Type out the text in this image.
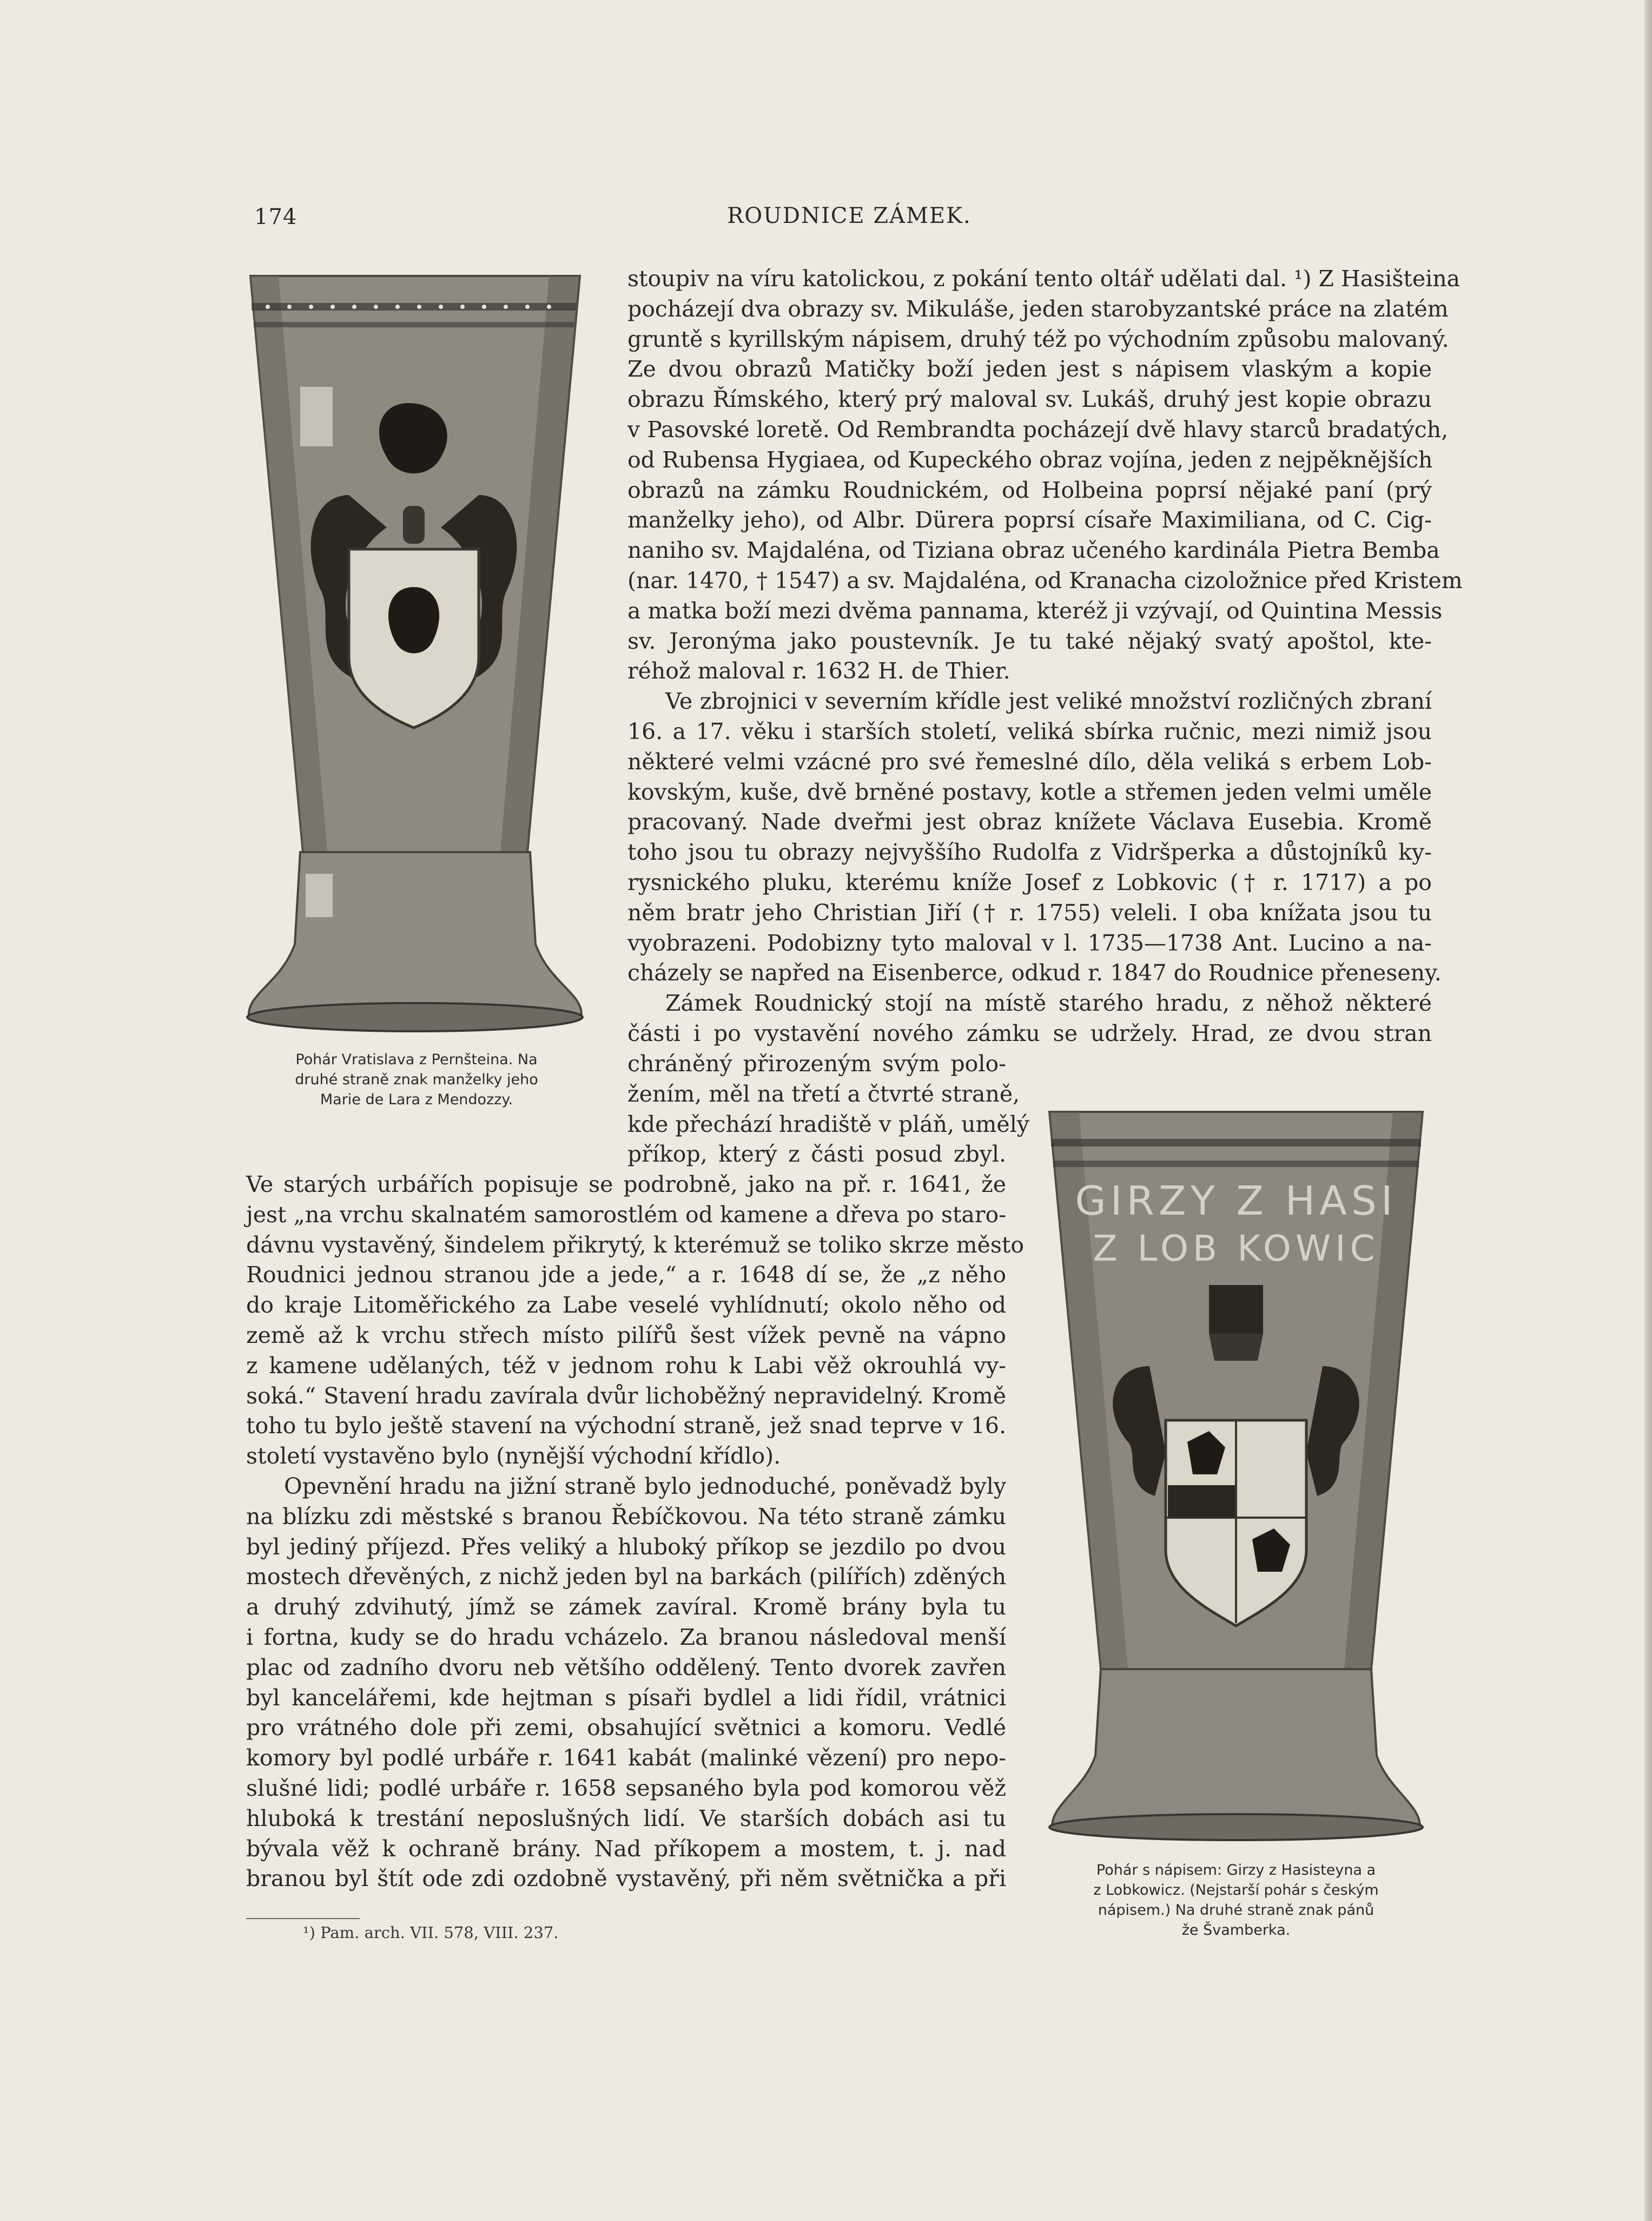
174	ROUDNICE ZÁMEK.
Pohár Vratislava z Pernšteina. Na
druhé straně znak manželky jeho
Marie de Lara z Mendozzy.
GIRZY Z HASI
Z LOB KOWIC
Pohár s nápisem: Girzy z Hasisteyna a
z Lobkowicz. (Nejstarší pohár s českým
nápisem.) Na druhé straně znak pánů
že Švamberka.
stoupiv na víru katolickou, z pokání tento oltář udělati dal. ¹) Z Hasišteina
pocházejí dva obrazy sv. Mikuláše, jeden starobyzantské práce na zlatém
gruntě s kyrillským nápisem, druhý též po východním způsobu malovaný.
Ze dvou obrazů Matičky boží jeden jest s nápisem vlaským a kopie
obrazu Římského, který prý maloval sv. Lukáš, druhý jest kopie obrazu
v Pasovské loretě. Od Rembrandta pocházejí dvě hlavy starců bradatých,
od Rubensa Hygiaea, od Kupeckého obraz vojína, jeden z nejpěknějších
obrazů na zámku Roudnickém, od Holbeina poprsí nějaké paní (prý
manželky jeho), od Albr. Dürera poprsí císaře Maximiliana, od C. Cig-
naniho sv. Majdaléna, od Tiziana obraz učeného kardinála Pietra Bemba
(nar. 1470, † 1547) a sv. Majdaléna, od Kranacha cizoložnice před Kristem
a matka boží mezi dvěma pannama, kteréž ji vzývají, od Quintina Messis
sv. Jeronýma jako poustevník. Je tu také nějaký svatý apoštol, kte-
réhož maloval r. 1632 H. de Thier.
Ve zbrojnici v severním křídle jest veliké množství rozličných zbraní
16. a 17. věku i starších století, veliká sbírka ručnic, mezi nimiž jsou
některé velmi vzácné pro své řemeslné dílo, děla veliká s erbem Lob-
kovským, kuše, dvě brněné postavy, kotle a střemen jeden velmi uměle
pracovaný. Nade dveřmi jest obraz knížete Václava Eusebia. Kromě
toho jsou tu obrazy nejvyššího Rudolfa z Vidršperka a důstojníků ky-
rysnického pluku, kterému kníže Josef z Lobkovic († r. 1717) a po
něm bratr jeho Christian Jiří († r. 1755) veleli. I oba knížata jsou tu
vyobrazeni. Podobizny tyto maloval v l. 1735—1738 Ant. Lucino a na-
cházely se napřed na Eisenberce, odkud r. 1847 do Roudnice přeneseny.
Zámek Roudnický stojí na místě starého hradu, z něhož některé
části i po vystavění nového zámku se udržely. Hrad, ze dvou stran
chráněný přirozeným svým polo-
žením, měl na třetí a čtvrté straně,
kde přechází hradiště v pláň, umělý
příkop, který z části posud zbyl.
Ve starých urbářích popisuje se podrobně, jako na př. r. 1641, že
jest „na vrchu skalnatém samorostlém od kamene a dřeva po staro-
dávnu vystavěný, šindelem přikrytý, k kterémuž se toliko skrze město
Roudnici jednou stranou jde a jede,“ a r. 1648 dí se, že „z něho
do kraje Litoměřického za Labe veselé vyhlídnutí; okolo něho od
země až k vrchu střech místo pilířů šest vížek pevně na vápno
z kamene udělaných, též v jednom rohu k Labi věž okrouhlá vy-
soká.“ Stavení hradu zavírala dvůr lichoběžný nepravidelný. Kromě
toho tu bylo ještě stavení na východní straně, jež snad teprve v 16.
století vystavěno bylo (nynější východní křídlo).
Opevnění hradu na jižní straně bylo jednoduché, poněvadž byly
na blízku zdi městské s branou Řebíčkovou. Na této straně zámku
byl jediný příjezd. Přes veliký a hluboký příkop se jezdilo po dvou
mostech dřevěných, z nichž jeden byl na barkách (pilířích) zděných
a druhý zdvihutý, jímž se zámek zavíral. Kromě brány byla tu
i fortna, kudy se do hradu vcházelo. Za branou následoval menší
plac od zadního dvoru neb většího oddělený. Tento dvorek zavřen
byl kancelářemi, kde hejtman s písaři bydlel a lidi řídil, vrátnici
pro vrátného dole při zemi, obsahující světnici a komoru. Vedlé
komory byl podlé urbáře r. 1641 kabát (malinké vězení) pro nepo-
slušné lidi; podlé urbáře r. 1658 sepsaného byla pod komorou věž
hluboká k trestání neposlušných lidí. Ve starších dobách asi tu
bývala věž k ochraně brány. Nad příkopem a mostem, t. j. nad
branou byl štít ode zdi ozdobně vystavěný, při něm světnička a při
¹) Pam. arch. VII. 578, VIII. 237.
